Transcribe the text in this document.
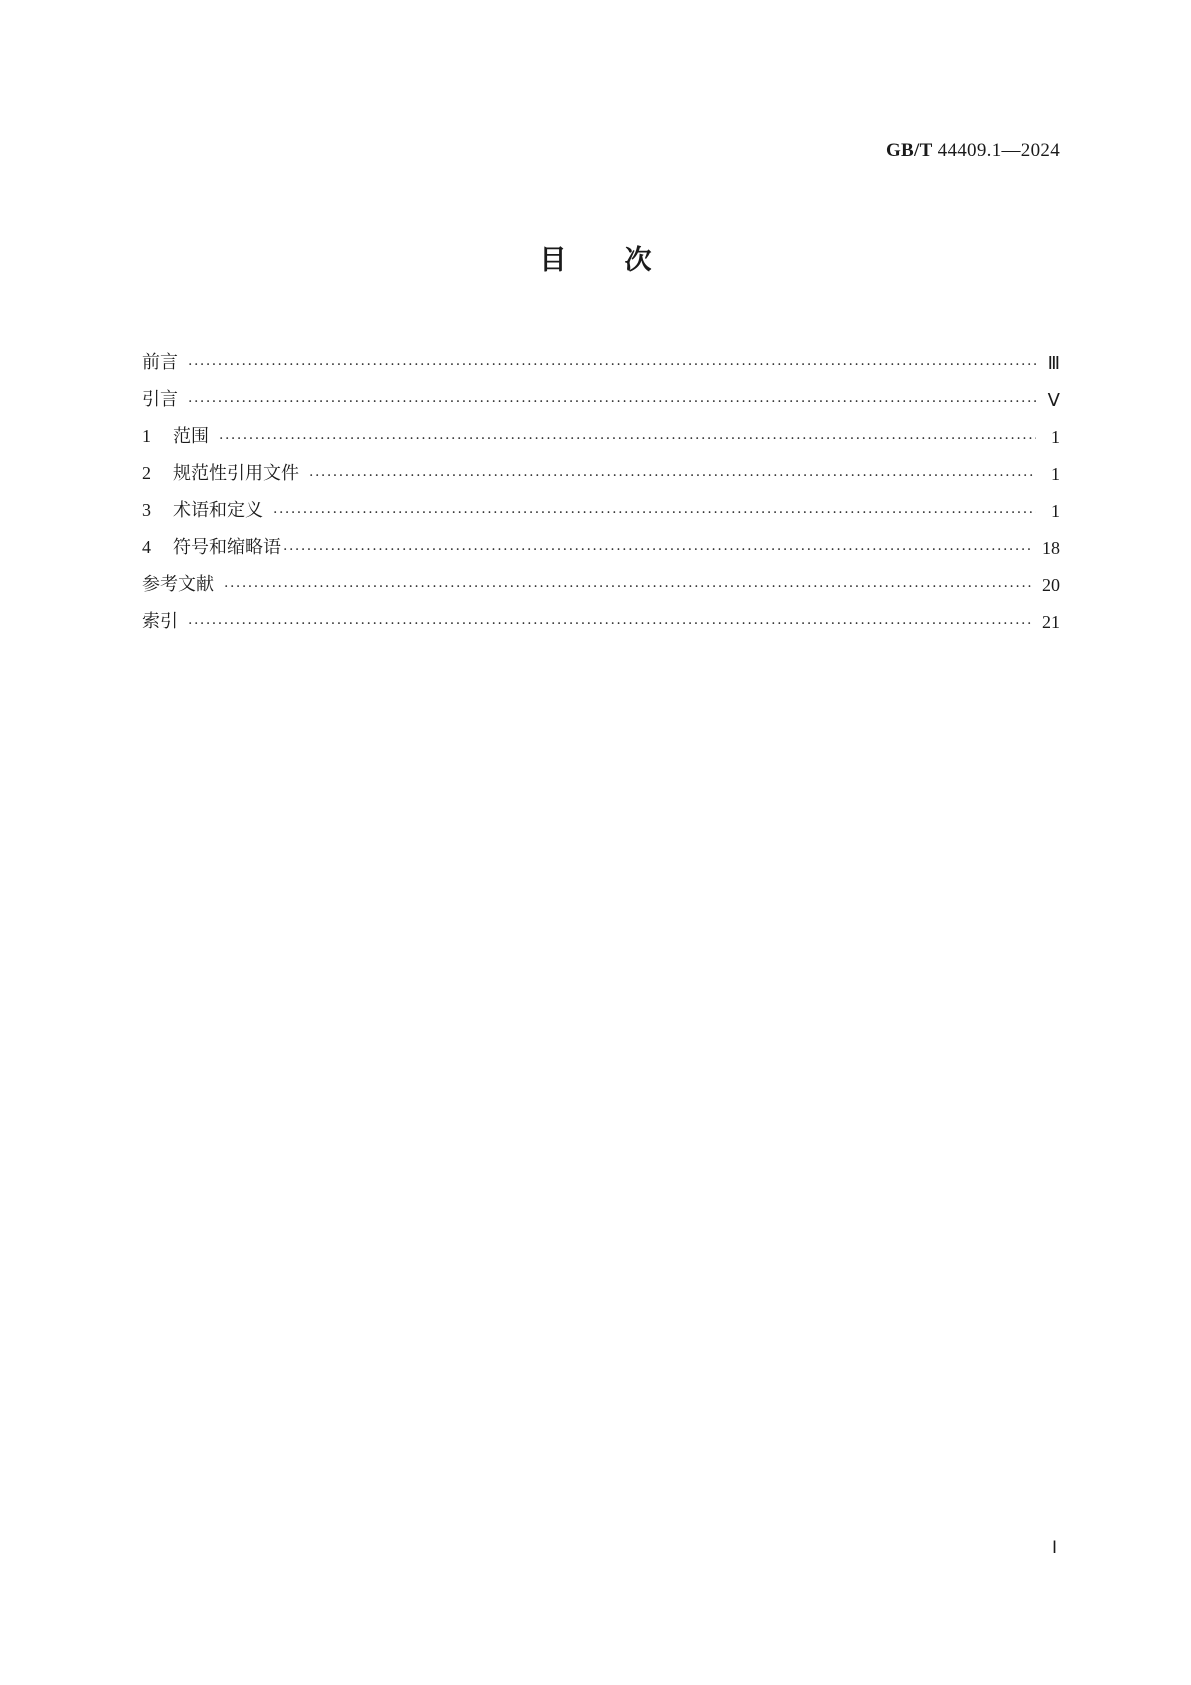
GB/T 44409.1—2024
目次
前言 ·····	Ⅲ
引言 ·····	Ⅴ
1 范围 ·····	1
2 规范性引用文件 ·····	1
3 术语和定义 ·····	1
4 符号和缩略语 ·····	18
参考文献 ·····	20
索引 ·····	21
Ⅰ
